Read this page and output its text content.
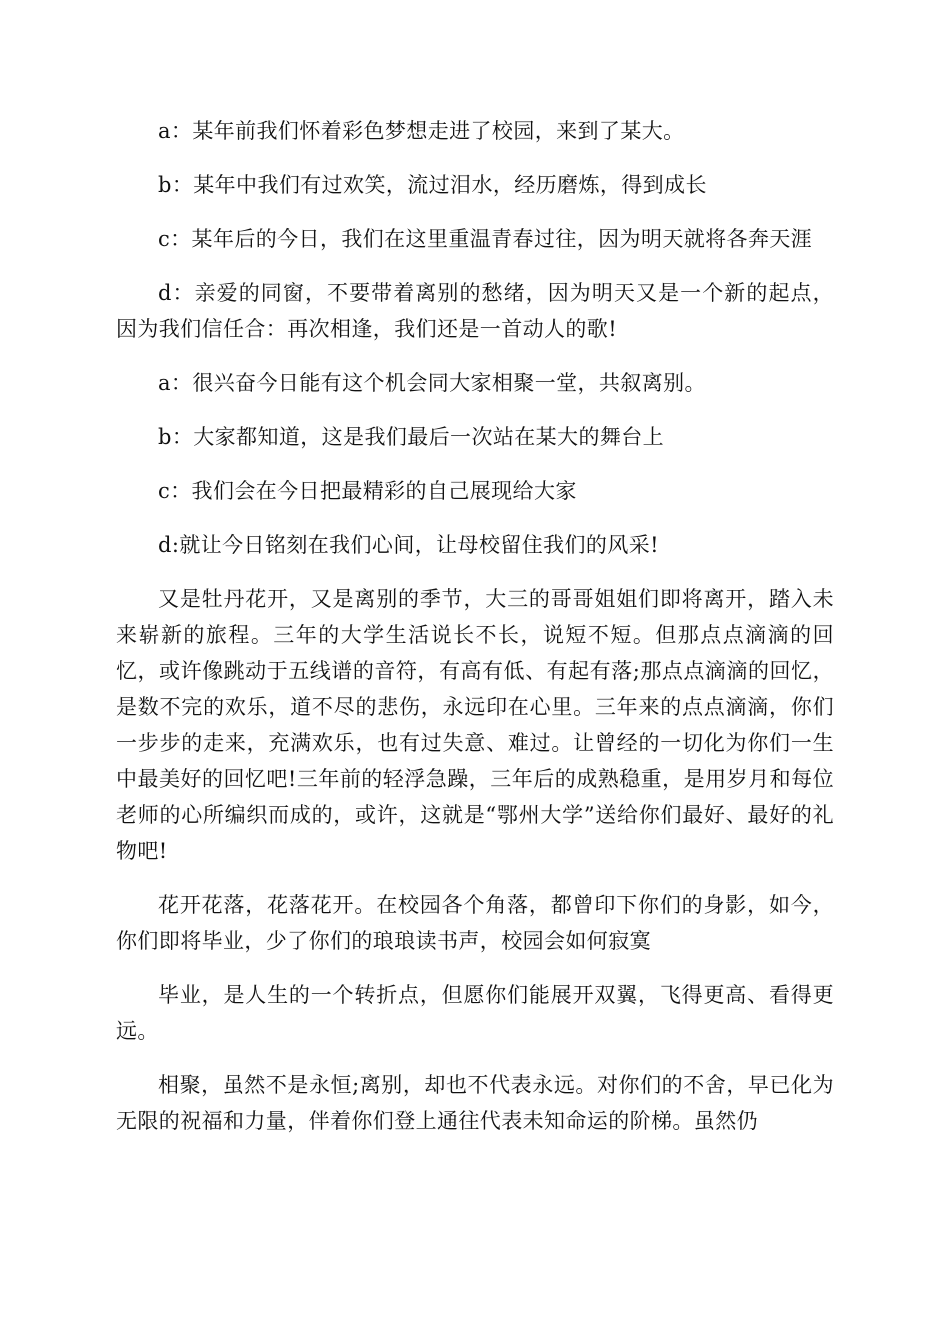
a：某年前我们怀着彩色梦想走进了校园，来到了某大。

b：某年中我们有过欢笑，流过泪水，经历磨炼，得到成长

c：某年后的今日，我们在这里重温青春过往，因为明天就将各奔天涯

d：亲爱的同窗，不要带着离别的愁绪，因为明天又是一个新的起点，因为我们信任合：再次相逢，我们还是一首动人的歌!

a：很兴奋今日能有这个机会同大家相聚一堂，共叙离别。

b：大家都知道，这是我们最后一次站在某大的舞台上

c：我们会在今日把最精彩的自己展现给大家

d:就让今日铭刻在我们心间，让母校留住我们的风采!

又是牡丹花开，又是离别的季节，大三的哥哥姐姐们即将离开，踏入未来崭新的旅程。三年的大学生活说长不长，说短不短。但那点点滴滴的回忆，或许像跳动于五线谱的音符，有高有低、有起有落;那点点滴滴的回忆，是数不完的欢乐，道不尽的悲伤，永远印在心里。三年来的点点滴滴，你们一步步的走来，充满欢乐，也有过失意、难过。让曾经的一切化为你们一生中最美好的回忆吧!三年前的轻浮急躁，三年后的成熟稳重，是用岁月和每位老师的心所编织而成的，或许，这就是“鄂州大学”送给你们最好、最好的礼物吧!

花开花落，花落花开。在校园各个角落，都曾印下你们的身影，如今，你们即将毕业，少了你们的琅琅读书声，校园会如何寂寞

毕业，是人生的一个转折点，但愿你们能展开双翼，飞得更高、看得更远。

相聚，虽然不是永恒;离别，却也不代表永远。对你们的不舍，早已化为无限的祝福和力量，伴着你们登上通往代表未知命运的阶梯。虽然仍
